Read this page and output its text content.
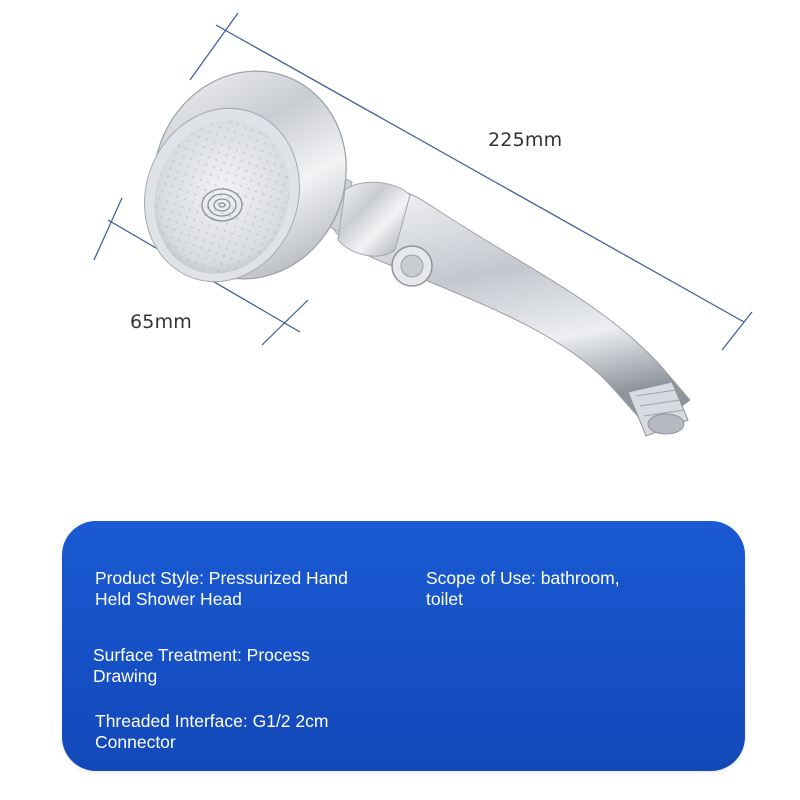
225mm
65mm
Product Style: Pressurized Hand
Held Shower Head
Scope of Use: bathroom,
toilet
Surface Treatment: Process
Drawing
Threaded Interface: G1/2 2cm
Connector
